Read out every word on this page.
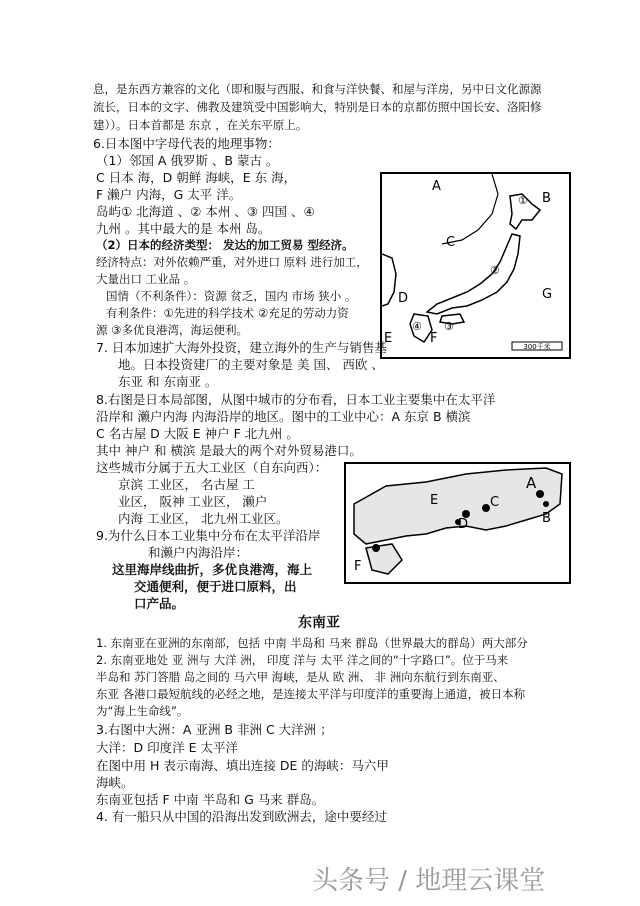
息，是东西方兼容的文化（即和服与西服、和食与洋快餐、和屋与洋房，另中日文化源源
流长，日本的文字、佛教及建筑受中国影响大，特别是日本的京都仿照中国长安、洛阳修
建））。日本首都是 东京 ，在关东平原上。
6.日本图中字母代表的地理事物：
（1）邻国 A 俄罗斯 、B 蒙古 。
C 日本 海，D 朝鲜 海峡，E 东 海，
F 濑户 内海，G 太平 洋。
岛屿① 北海道 、② 本州 、③ 四国 、④
九州 。其中最大的是 本州 岛。
（2）日本的经济类型： 发达的加工贸易 型经济。
经济特点：对外依赖严重，对外进口 原料 进行加工，
大量出口 工业品 。
国情（不利条件）：资源 贫乏，国内 市场 狭小 。
有利条件：①先进的科学技术 ②充足的劳动力资
源 ③多优良港湾，海运便利。
300千米
A
B
C
D
E	F
G
①
②
③
④
7. 日本加速扩大海外投资，建立海外的生产与销售基
地。日本投资建厂的主要对象是 美 国、 西欧 、
东亚 和 东南亚 。
8.右图是日本局部图，从图中城市的分布看，日本工业主要集中在太平洋
沿岸和 濑户内海 内海沿岸的地区。图中的工业中心：A 东京 B 横滨
C 名古屋 D 大阪 E 神户 F 北九州 。
其中 神户 和 横滨 是最大的两个对外贸易港口。
这些城市分属于五大工业区（自东向西）：
京滨 工业区， 名古屋 工
业区， 阪神 工业区， 濑户
内海 工业区， 北九州工业区。
9.为什么日本工业集中分布在太平洋沿岸
和濑户内海沿岸：
这里海岸线曲折，多优良港湾，海上
交通便利，便于进口原料，出
口产品。
A
B
C
D
E
F
东南亚
1. 东南亚在亚洲的东南部，包括 中南 半岛和 马来 群岛（世界最大的群岛）两大部分
2. 东南亚地处 亚 洲与 大洋 洲， 印度 洋与 太平 洋之间的“十字路口”。位于马来
半岛和 苏门答腊 岛之间的 马六甲 海峡，是从 欧 洲、 非 洲向东航行到东南亚、
东亚 各港口最短航线的必经之地，是连接太平洋与印度洋的重要海上通道，被日本称
为“海上生命线”。
3.右图中大洲：A 亚洲 B 非洲 C 大洋洲 ；
大洋：D 印度洋 E 太平洋
在图中用 H 表示南海、填出连接 DE 的海峡：马六甲
海峡。
东南亚包括 F 中南 半岛和 G 马来 群岛。
4. 有一船只从中国的沿海出发到欧洲去，途中要经过
头条号 / 地理云课堂
